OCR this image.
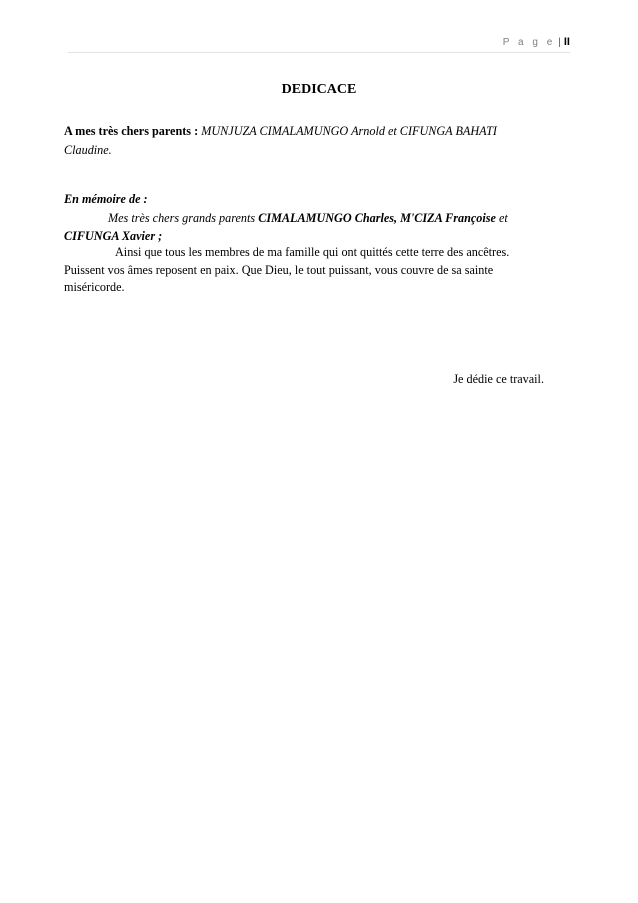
P a g e | II
DEDICACE
A mes très chers parents : MUNJUZA CIMALAMUNGO Arnold et CIFUNGA BAHATI
Claudine.
En mémoire de :
Mes très chers grands parents CIMALAMUNGO Charles, M'CIZA Françoise et
CIFUNGA Xavier ;
Ainsi que tous les membres de ma famille qui ont quittés cette terre des ancêtres.
Puissent vos âmes reposent en paix. Que Dieu, le tout puissant, vous couvre de sa sainte
miséricorde.
Je dédie ce travail.
